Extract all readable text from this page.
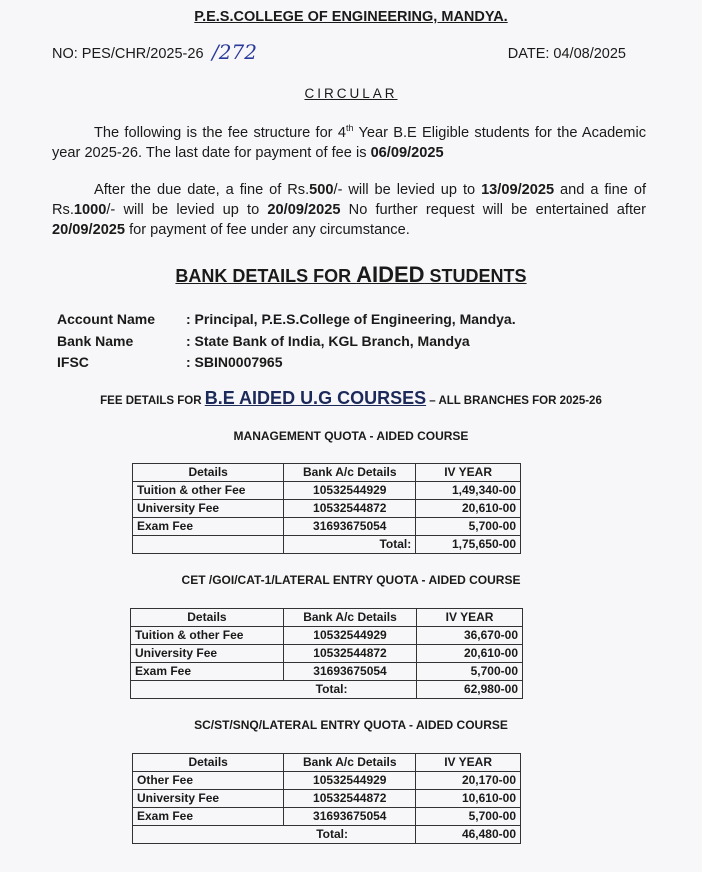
P.E.S.COLLEGE OF ENGINEERING, MANDYA.
NO: PES/CHR/2025-26 /272	DATE: 04/08/2025
CIRCULAR
The following is the fee structure for 4th Year B.E Eligible students for the Academic year 2025-26. The last date for payment of fee is 06/09/2025
After the due date, a fine of Rs.500/- will be levied up to 13/09/2025 and a fine of Rs.1000/- will be levied up to 20/09/2025 No further request will be entertained after 20/09/2025 for payment of fee under any circumstance.
BANK DETAILS FOR AIDED STUDENTS
Account Name : Principal, P.E.S.College of Engineering, Mandya.
Bank Name	: State Bank of India, KGL Branch, Mandya
IFSC	: SBIN0007965
FEE DETAILS FOR B.E AIDED U.G COURSES – ALL BRANCHES FOR 2025-26
MANAGEMENT QUOTA - AIDED COURSE
Details	Bank A/c Details	IV YEAR
Tuition & other Fee	10532544929	1,49,340-00
University Fee	10532544872	20,610-00
Exam Fee	31693675054	5,700-00
	Total:	1,75,650-00
CET /GOI/CAT-1/LATERAL ENTRY QUOTA - AIDED COURSE
Details	Bank A/c Details	IV YEAR
Tuition & other Fee	10532544929	36,670-00
University Fee	10532544872	20,610-00
Exam Fee	31693675054	5,700-00
Total:		62,980-00
SC/ST/SNQ/LATERAL ENTRY QUOTA - AIDED COURSE
Details	Bank A/c Details	IV YEAR
Other Fee	10532544929	20,170-00
University Fee	10532544872	10,610-00
Exam Fee	31693675054	5,700-00
Total:		46,480-00
